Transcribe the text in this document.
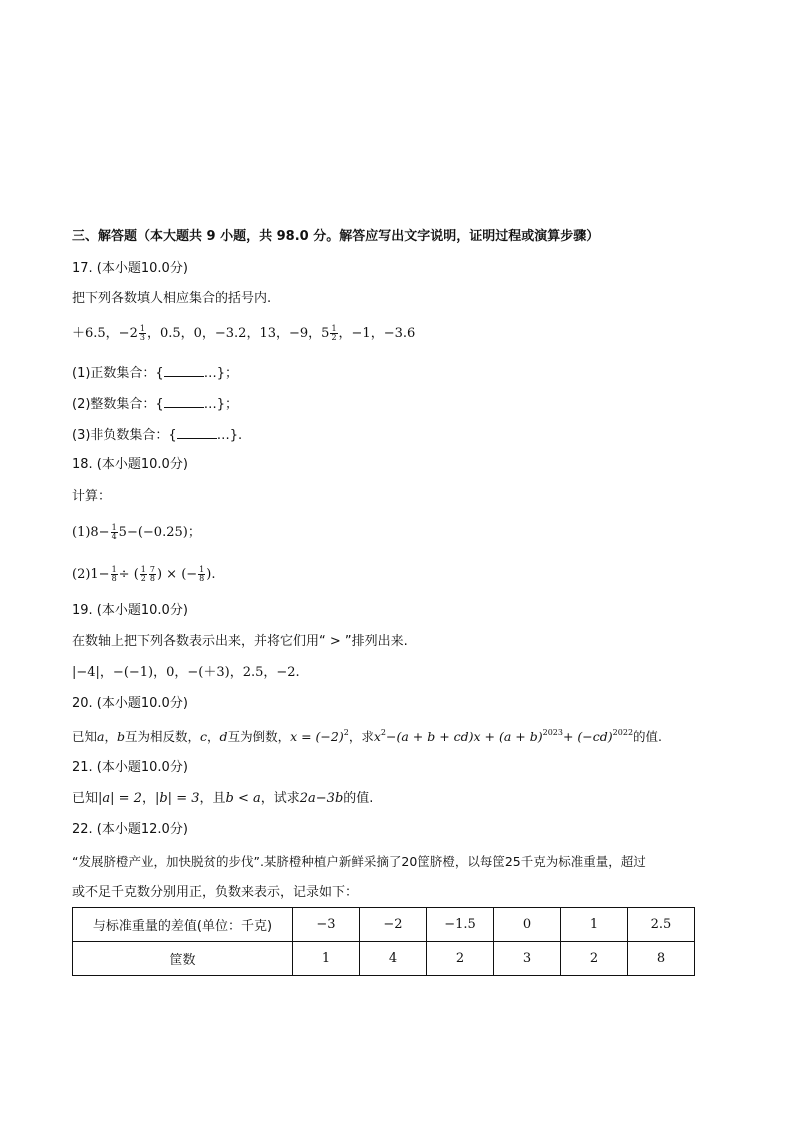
三、解答题（本大题共 9 小题，共 98.0 分。解答应写出文字说明，证明过程或演算步骤）
17. (本小题10.0分)
把下列各数填人相应集合的括号内.
＋6.5，$-2 \frac{1}{3}$ ，0.5，0，−3.2，13，−9，$5 \frac{1}{2}$ ，−1，−3.6
(1)正数集合：{	…}；
(2)整数集合：{	…}；
(3)非负数集合：{	…}.
18. (本小题10.0分)
计算：
$(1)8- \frac{1}{4} 5-(-0.25)$；
$(2)1- \frac{1}{8}$ ÷ ( $\frac{1}{2} \frac{7}{8}$ ) × (− $\frac{1}{8}$ ).
19. (本小题10.0分)
在数轴上把下列各数表示出来，并将它们用“ > ”排列出来.
|−4|，−(−1)，0，−(＋3)，2.5，−2.
20. (本小题10.0分)
已知a，b互为相反数，c，d互为倒数，$x = (-2)^2$，求$x^2-(a + b + cd)x + (a + b)^{2023}+ (-cd)^{2022}$的值.
21. (本小题10.0分)
已知|a| = 2，|b| = 3，且b < a，试求2a−3b的值.
22. (本小题12.0分)
“发展脐橙产业，加快脱贫的步伐”.某脐橙种植户新鲜采摘了20筐脐橙，以每筐25千克为标准重量，超过
或不足千克数分别用正，负数来表示，记录如下：
与标准重量的差值(单位：千克)	−3	−2	−1.5	0	1	2.5
筐数	1	4	2	3	2	8
